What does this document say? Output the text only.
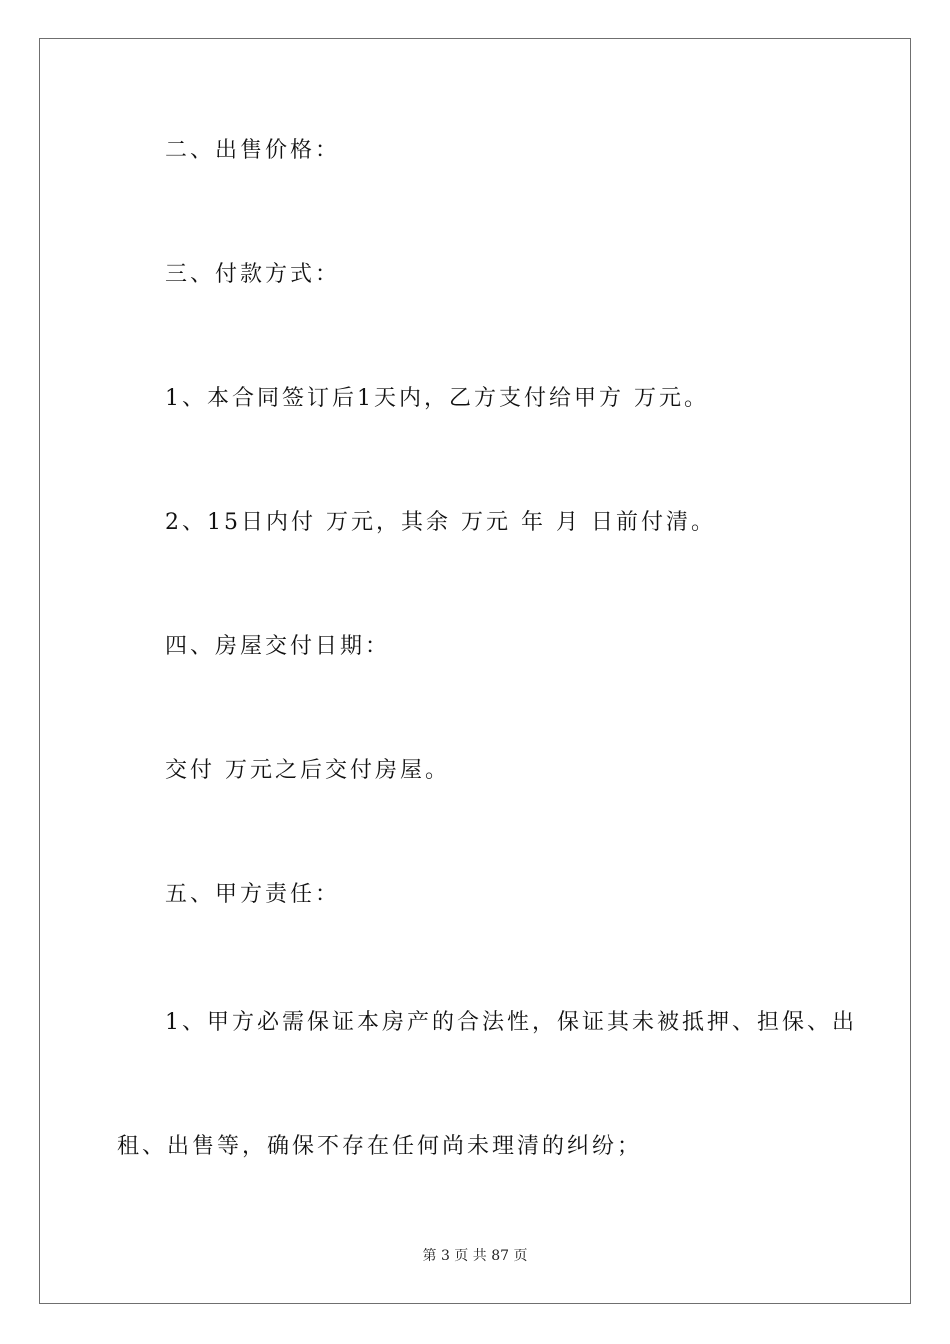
二、出售价格：
三、付款方式：
1、本合同签订后1天内，乙方支付给甲方 万元。
2、15日内付 万元，其余 万元 年 月 日前付清。
四、房屋交付日期：
交付 万元之后交付房屋。
五、甲方责任：
1、甲方必需保证本房产的合法性，保证其未被抵押、担保、出
租、出售等，确保不存在任何尚未理清的纠纷；
第 3 页 共 87 页
